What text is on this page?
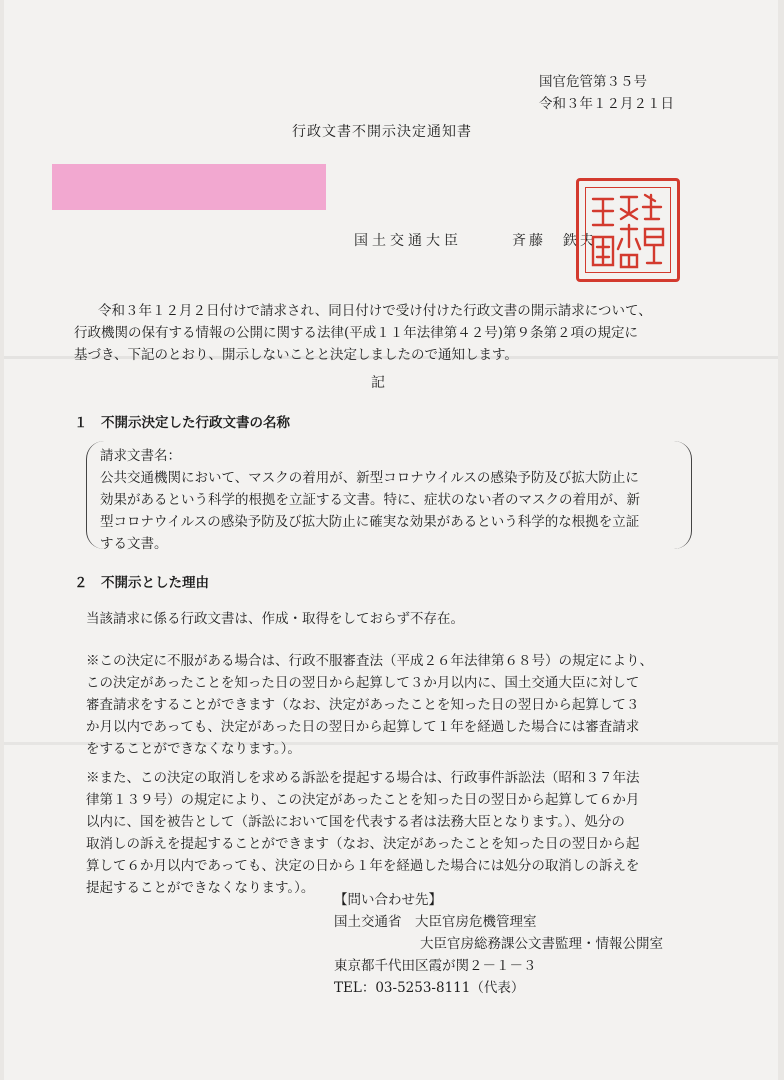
国官危管第３５号
令和３年１２月２１日
行政文書不開示決定通知書
国土交通大臣	斉藤　鉄夫
令和３年１２月２日付けで請求され、同日付けで受け付けた行政文書の開示請求について、
行政機関の保有する情報の公開に関する法律(平成１１年法律第４２号)第９条第２項の規定に
基づき、下記のとおり、開示しないことと決定しましたので通知します。
記
１　不開示決定した行政文書の名称
請求文書名：
公共交通機関において、マスクの着用が、新型コロナウイルスの感染予防及び拡大防止に
効果があるという科学的根拠を立証する文書。特に、症状のない者のマスクの着用が、新
型コロナウイルスの感染予防及び拡大防止に確実な効果があるという科学的な根拠を立証
する文書。
２　不開示とした理由
当該請求に係る行政文書は、作成・取得をしておらず不存在。
※この決定に不服がある場合は、行政不服審査法（平成２６年法律第６８号）の規定により、
この決定があったことを知った日の翌日から起算して３か月以内に、国土交通大臣に対して
審査請求をすることができます（なお、決定があったことを知った日の翌日から起算して３
か月以内であっても、決定があった日の翌日から起算して１年を経過した場合には審査請求
をすることができなくなります。）。
※また、この決定の取消しを求める訴訟を提起する場合は、行政事件訴訟法（昭和３７年法
律第１３９号）の規定により、この決定があったことを知った日の翌日から起算して６か月
以内に、国を被告として（訴訟において国を代表する者は法務大臣となります。）、処分の
取消しの訴えを提起することができます（なお、決定があったことを知った日の翌日から起
算して６か月以内であっても、決定の日から１年を経過した場合には処分の取消しの訴えを
提起することができなくなります。）。
【問い合わせ先】
国土交通省　大臣官房危機管理室
大臣官房総務課公文書監理・情報公開室
東京都千代田区霞が関２－１－３
TEL：03-5253-8111（代表）
